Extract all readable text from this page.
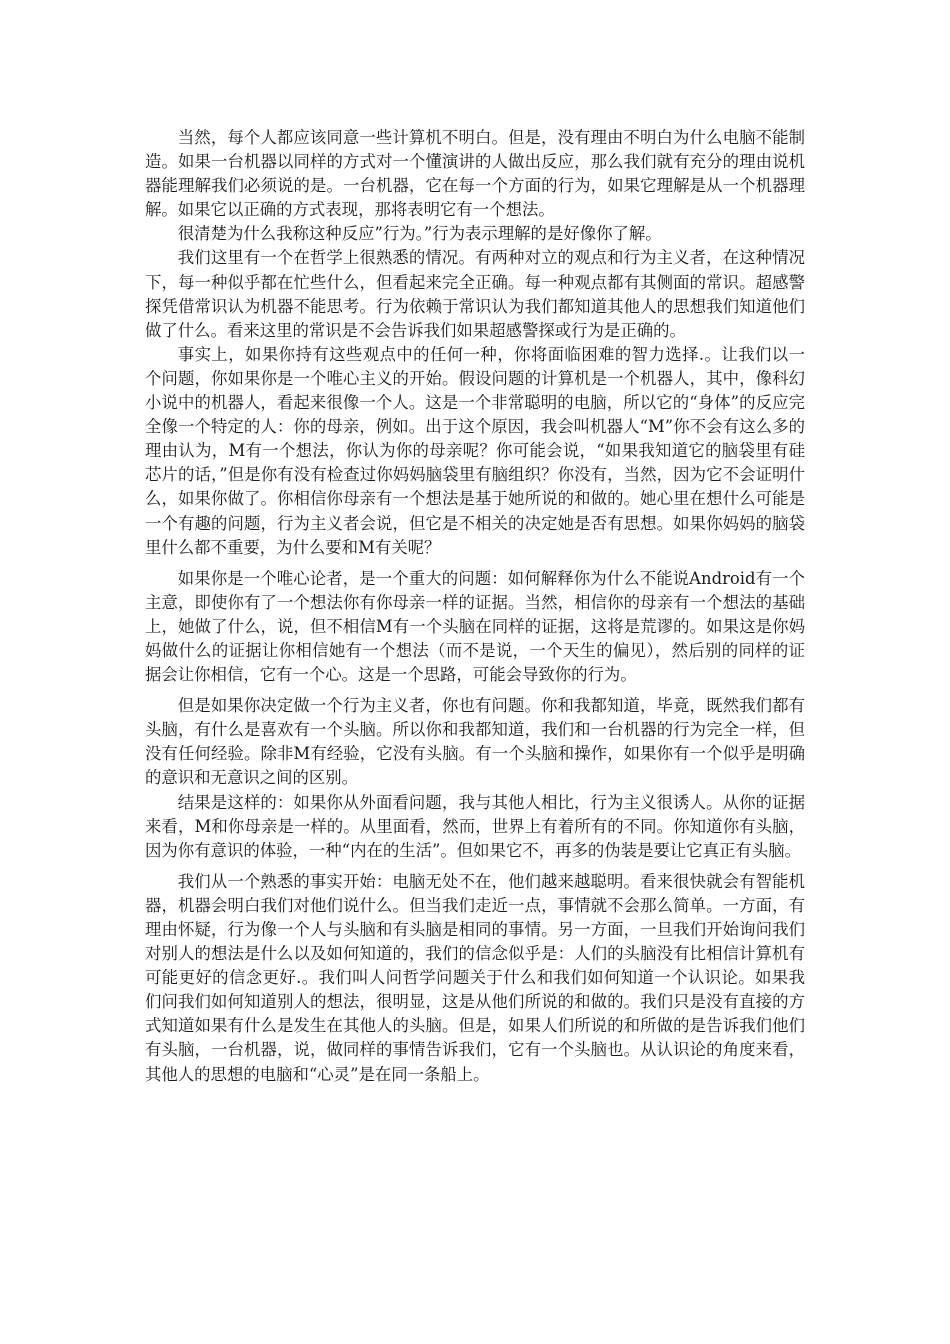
当然，每个人都应该同意一些计算机不明白。但是，没有理由不明白为什么电脑不能制造。如果一台机器以同样的方式对一个懂演讲的人做出反应，那么我们就有充分的理由说机器能理解我们必须说的是。一台机器，它在每一个方面的行为，如果它理解是从一个机器理解。如果它以正确的方式表现，那将表明它有一个想法。

很清楚为什么我称这种反应”行为。”行为表示理解的是好像你了解。

我们这里有一个在哲学上很熟悉的情况。有两种对立的观点和行为主义者，在这种情况下，每一种似乎都在忙些什么，但看起来完全正确。每一种观点都有其侧面的常识。超感警探凭借常识认为机器不能思考。行为依赖于常识认为我们都知道其他人的思想我们知道他们做了什么。看来这里的常识是不会告诉我们如果超感警探或行为是正确的。

事实上，如果你持有这些观点中的任何一种，你将面临困难的智力选择.。让我们以一个问题，你如果你是一个唯心主义的开始。假设问题的计算机是一个机器人，其中，像科幻小说中的机器人，看起来很像一个人。这是一个非常聪明的电脑，所以它的“身体”的反应完全像一个特定的人：你的母亲，例如。出于这个原因，我会叫机器人“M”你不会有这么多的理由认为，M有一个想法，你认为你的母亲呢？你可能会说，“如果我知道它的脑袋里有硅芯片的话，”但是你有没有检查过你妈妈脑袋里有脑组织？你没有，当然，因为它不会证明什么，如果你做了。你相信你母亲有一个想法是基于她所说的和做的。她心里在想什么可能是一个有趣的问题，行为主义者会说，但它是不相关的决定她是否有思想。如果你妈妈的脑袋里什么都不重要，为什么要和M有关呢？

如果你是一个唯心论者，是一个重大的问题：如何解释你为什么不能说Android有一个主意，即使你有了一个想法你有你母亲一样的证据。当然，相信你的母亲有一个想法的基础上，她做了什么，说，但不相信M有一个头脑在同样的证据，这将是荒谬的。如果这是你妈妈做什么的证据让你相信她有一个想法（而不是说，一个天生的偏见），然后别的同样的证据会让你相信，它有一个心。这是一个思路，可能会导致你的行为。

但是如果你决定做一个行为主义者，你也有问题。你和我都知道，毕竟，既然我们都有头脑，有什么是喜欢有一个头脑。所以你和我都知道，我们和一台机器的行为完全一样，但没有任何经验。除非M有经验，它没有头脑。有一个头脑和操作，如果你有一个似乎是明确的意识和无意识之间的区别。

结果是这样的：如果你从外面看问题，我与其他人相比，行为主义很诱人。从你的证据来看，M和你母亲是一样的。从里面看，然而，世界上有着所有的不同。你知道你有头脑，因为你有意识的体验，一种“内在的生活”。但如果它不，再多的伪装是要让它真正有头脑。

我们从一个熟悉的事实开始：电脑无处不在，他们越来越聪明。看来很快就会有智能机器，机器会明白我们对他们说什么。但当我们走近一点，事情就不会那么简单。一方面，有理由怀疑，行为像一个人与头脑和有头脑是相同的事情。另一方面，一旦我们开始询问我们对别人的想法是什么以及如何知道的，我们的信念似乎是：人们的头脑没有比相信计算机有可能更好的信念更好.。我们叫人问哲学问题关于什么和我们如何知道一个认识论。如果我们问我们如何知道别人的想法，很明显，这是从他们所说的和做的。我们只是没有直接的方式知道如果有什么是发生在其他人的头脑。但是，如果人们所说的和所做的是告诉我们他们有头脑，一台机器，说，做同样的事情告诉我们，它有一个头脑也。从认识论的角度来看，其他人的思想的电脑和“心灵”是在同一条船上。
